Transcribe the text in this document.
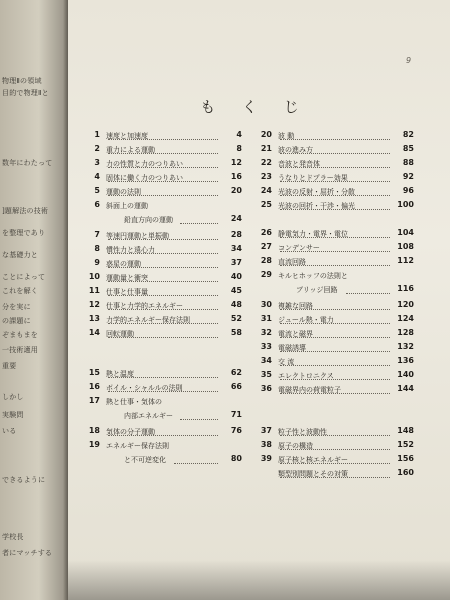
物理Ⅱの領域
目的で物理Ⅱと
数年にわたって
]題解法の技術
を整理であり
な基礎力と
ことによって
これを解く
分を実に
の課題に
ぞまもまを
一技術適用
重要
しかし
実験問
いる
できるように
学校長
者にマッチする
9
も く じ
1 速度と加速度	4
2 重力による運動	8
3 力の性質と力のつりあい	12
4 固体に働く力のつりあい	16
5 運動の法則	20
6 斜面上の運動
鉛直方向の運動	24
7 等速円運動と単振動	28
8 慣性力と遠心力	34
9 惑星の運動	37
10 運動量と衝突	40
11 仕事と仕事量	45
12 仕事と力学的エネルギー	48
13 力学的エネルギー保存法則	52
14 回転運動	58
15 熱と温度	62
16 ボイル・シャルルの法則	66
17 熱と仕事・気体の
内部エネルギー	71
18 気体の分子運動	76
19 エネルギー保存法則
と不可逆変化	80
20 波 動	82
21 波の進み方	85
22 音波と発音体	88
23 うなりとドプラー効果	92
24 光波の反射・屈折・分散	96
25 光波の回折・干渉・偏光	100
26 静電気力・電界・電位	104
27 コンデンサー	108
28 直流回路	112
29 キルヒホッフの法則と
ブリッジ回路	116
30 複雑な回路	120
31 ジュール熱・電力	124
32 電流と磁界	128
33 電磁誘導	132
34 交 流	136
35 エレクトロニクス	140
36 電磁界内の荷電粒子	144
37 粒子性と波動性	148
38 原子の構造	152
39 原子核と核エネルギー	156
類型別問題とその対策	160
